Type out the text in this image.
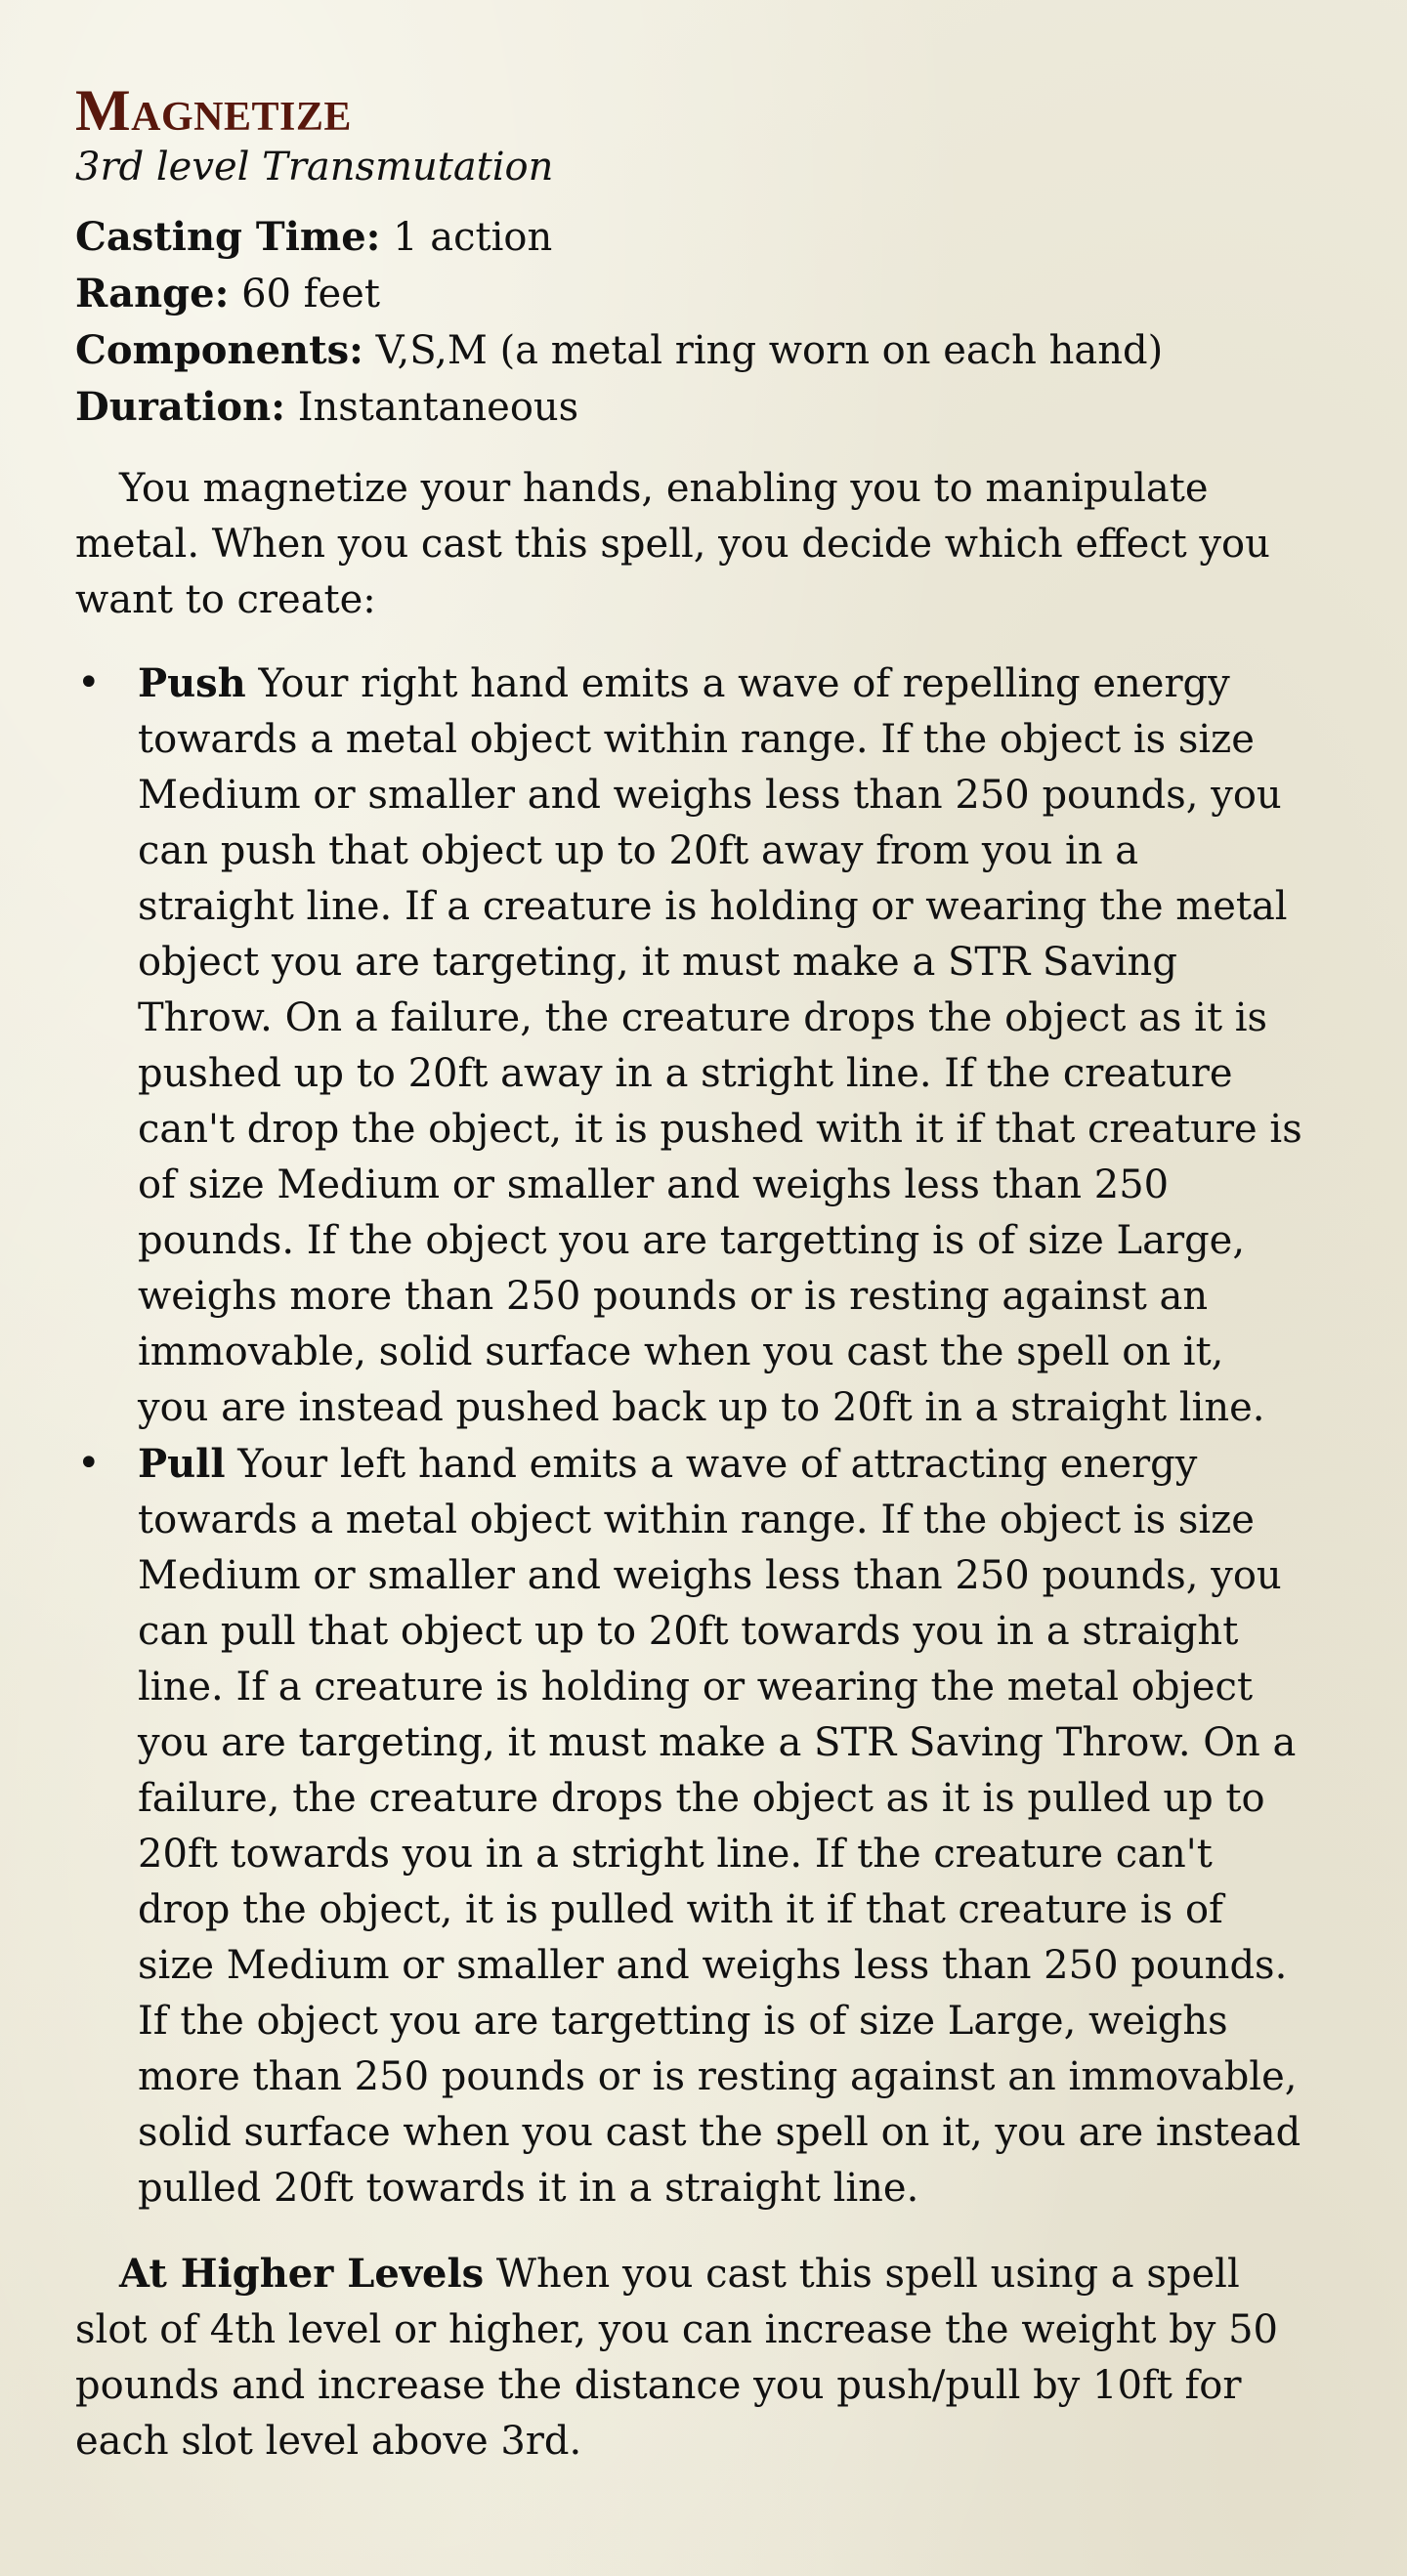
Magnetize

3rd level Transmutation

Casting Time: 1 action

Range: 60 feet

Components: V,S,M (a metal ring worn on each hand)

Duration: Instantaneous

You magnetize your hands, enabling you to manipulate metal. When you cast this spell, you decide which effect you want to create:

• Push Your right hand emits a wave of repelling energy towards a metal object within range. If the object is size Medium or smaller and weighs less than 250 pounds, you can push that object up to 20ft away from you in a straight line. If a creature is holding or wearing the metal object you are targeting, it must make a STR Saving Throw. On a failure, the creature drops the object as it is pushed up to 20ft away in a stright line. If the creature can't drop the object, it is pushed with it if that creature is of size Medium or smaller and weighs less than 250 pounds. If the object you are targetting is of size Large, weighs more than 250 pounds or is resting against an immovable, solid surface when you cast the spell on it, you are instead pushed back up to 20ft in a straight line.
• Pull Your left hand emits a wave of attracting energy towards a metal object within range. If the object is size Medium or smaller and weighs less than 250 pounds, you can pull that object up to 20ft towards you in a straight line. If a creature is holding or wearing the metal object you are targeting, it must make a STR Saving Throw. On a failure, the creature drops the object as it is pulled up to 20ft towards you in a stright line. If the creature can't drop the object, it is pulled with it if that creature is of size Medium or smaller and weighs less than 250 pounds. If the object you are targetting is of size Large, weighs more than 250 pounds or is resting against an immovable, solid surface when you cast the spell on it, you are instead pulled 20ft towards it in a straight line.

At Higher Levels When you cast this spell using a spell slot of 4th level or higher, you can increase the weight by 50 pounds and increase the distance you push/pull by 10ft for each slot level above 3rd.
